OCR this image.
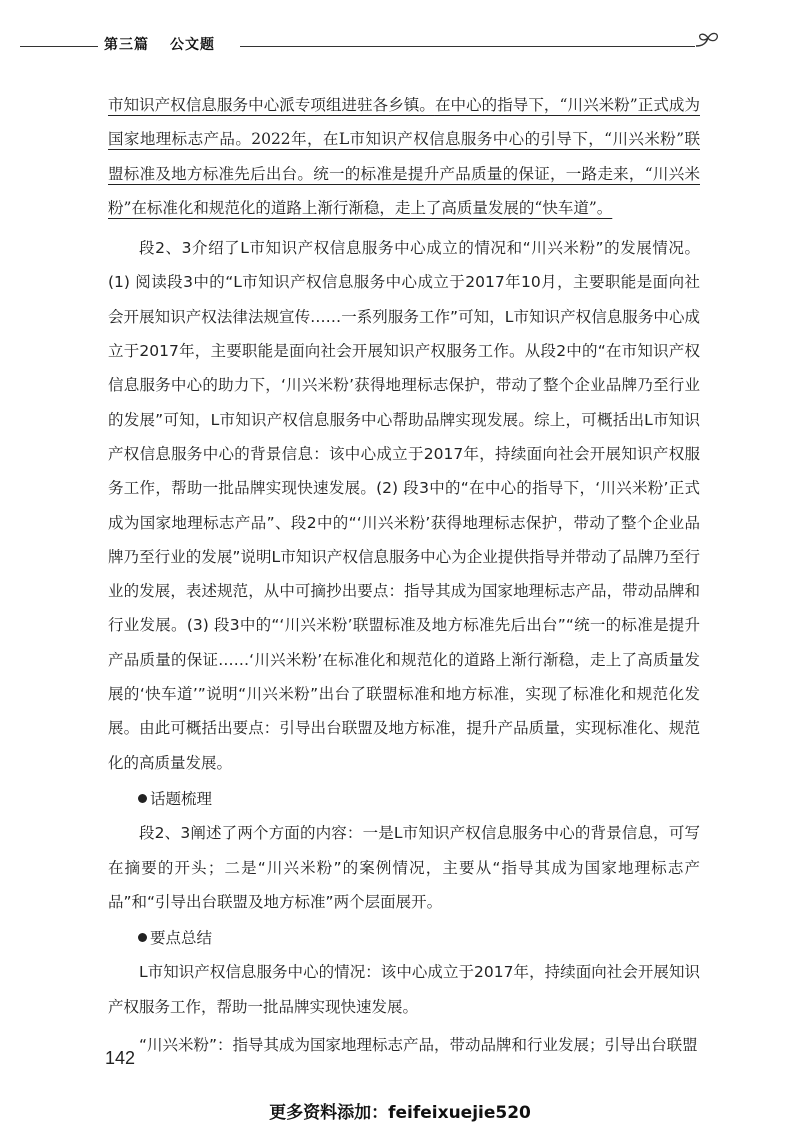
第三篇 公文题

市知识产权信息服务中心派专项组进驻各乡镇。在中心的指导下，“川兴米粉”正式成为国家地理标志产品。2022年，在L市知识产权信息服务中心的引导下，“川兴米粉”联盟标准及地方标准先后出台。统一的标准是提升产品质量的保证，一路走来，“川兴米粉”在标准化和规范化的道路上渐行渐稳，走上了高质量发展的“快车道”。

段2、3介绍了L市知识产权信息服务中心成立的情况和“川兴米粉”的发展情况。(1) 阅读段3中的“L市知识产权信息服务中心成立于2017年10月，主要职能是面向社会开展知识产权法律法规宣传……一系列服务工作”可知，L市知识产权信息服务中心成立于2017年，主要职能是面向社会开展知识产权服务工作。从段2中的“在市知识产权信息服务中心的助力下，‘川兴米粉’获得地理标志保护，带动了整个企业品牌乃至行业的发展”可知，L市知识产权信息服务中心帮助品牌实现发展。综上，可概括出L市知识产权信息服务中心的背景信息：该中心成立于2017年，持续面向社会开展知识产权服务工作，帮助一批品牌实现快速发展。(2) 段3中的“在中心的指导下，‘川兴米粉’正式成为国家地理标志产品”、段2中的“‘川兴米粉’获得地理标志保护，带动了整个企业品牌乃至行业的发展”说明L市知识产权信息服务中心为企业提供指导并带动了品牌乃至行业的发展，表述规范，从中可摘抄出要点：指导其成为国家地理标志产品，带动品牌和行业发展。(3) 段3中的“‘川兴米粉’联盟标准及地方标准先后出台”“统一的标准是提升产品质量的保证……‘川兴米粉’在标准化和规范化的道路上渐行渐稳，走上了高质量发展的‘快车道’”说明“川兴米粉”出台了联盟标准和地方标准，实现了标准化和规范化发展。由此可概括出要点：引导出台联盟及地方标准，提升产品质量，实现标准化、规范化的高质量发展。

话题梳理

段2、3阐述了两个方面的内容：一是L市知识产权信息服务中心的背景信息，可写在摘要的开头；二是“川兴米粉”的案例情况，主要从“指导其成为国家地理标志产品”和“引导出台联盟及地方标准”两个层面展开。

要点总结

L市知识产权信息服务中心的情况：该中心成立于2017年，持续面向社会开展知识产权服务工作，帮助一批品牌实现快速发展。

“川兴米粉”：指导其成为国家地理标志产品，带动品牌和行业发展；引导出台联盟

142
更多资料添加：feifeixuejie520
